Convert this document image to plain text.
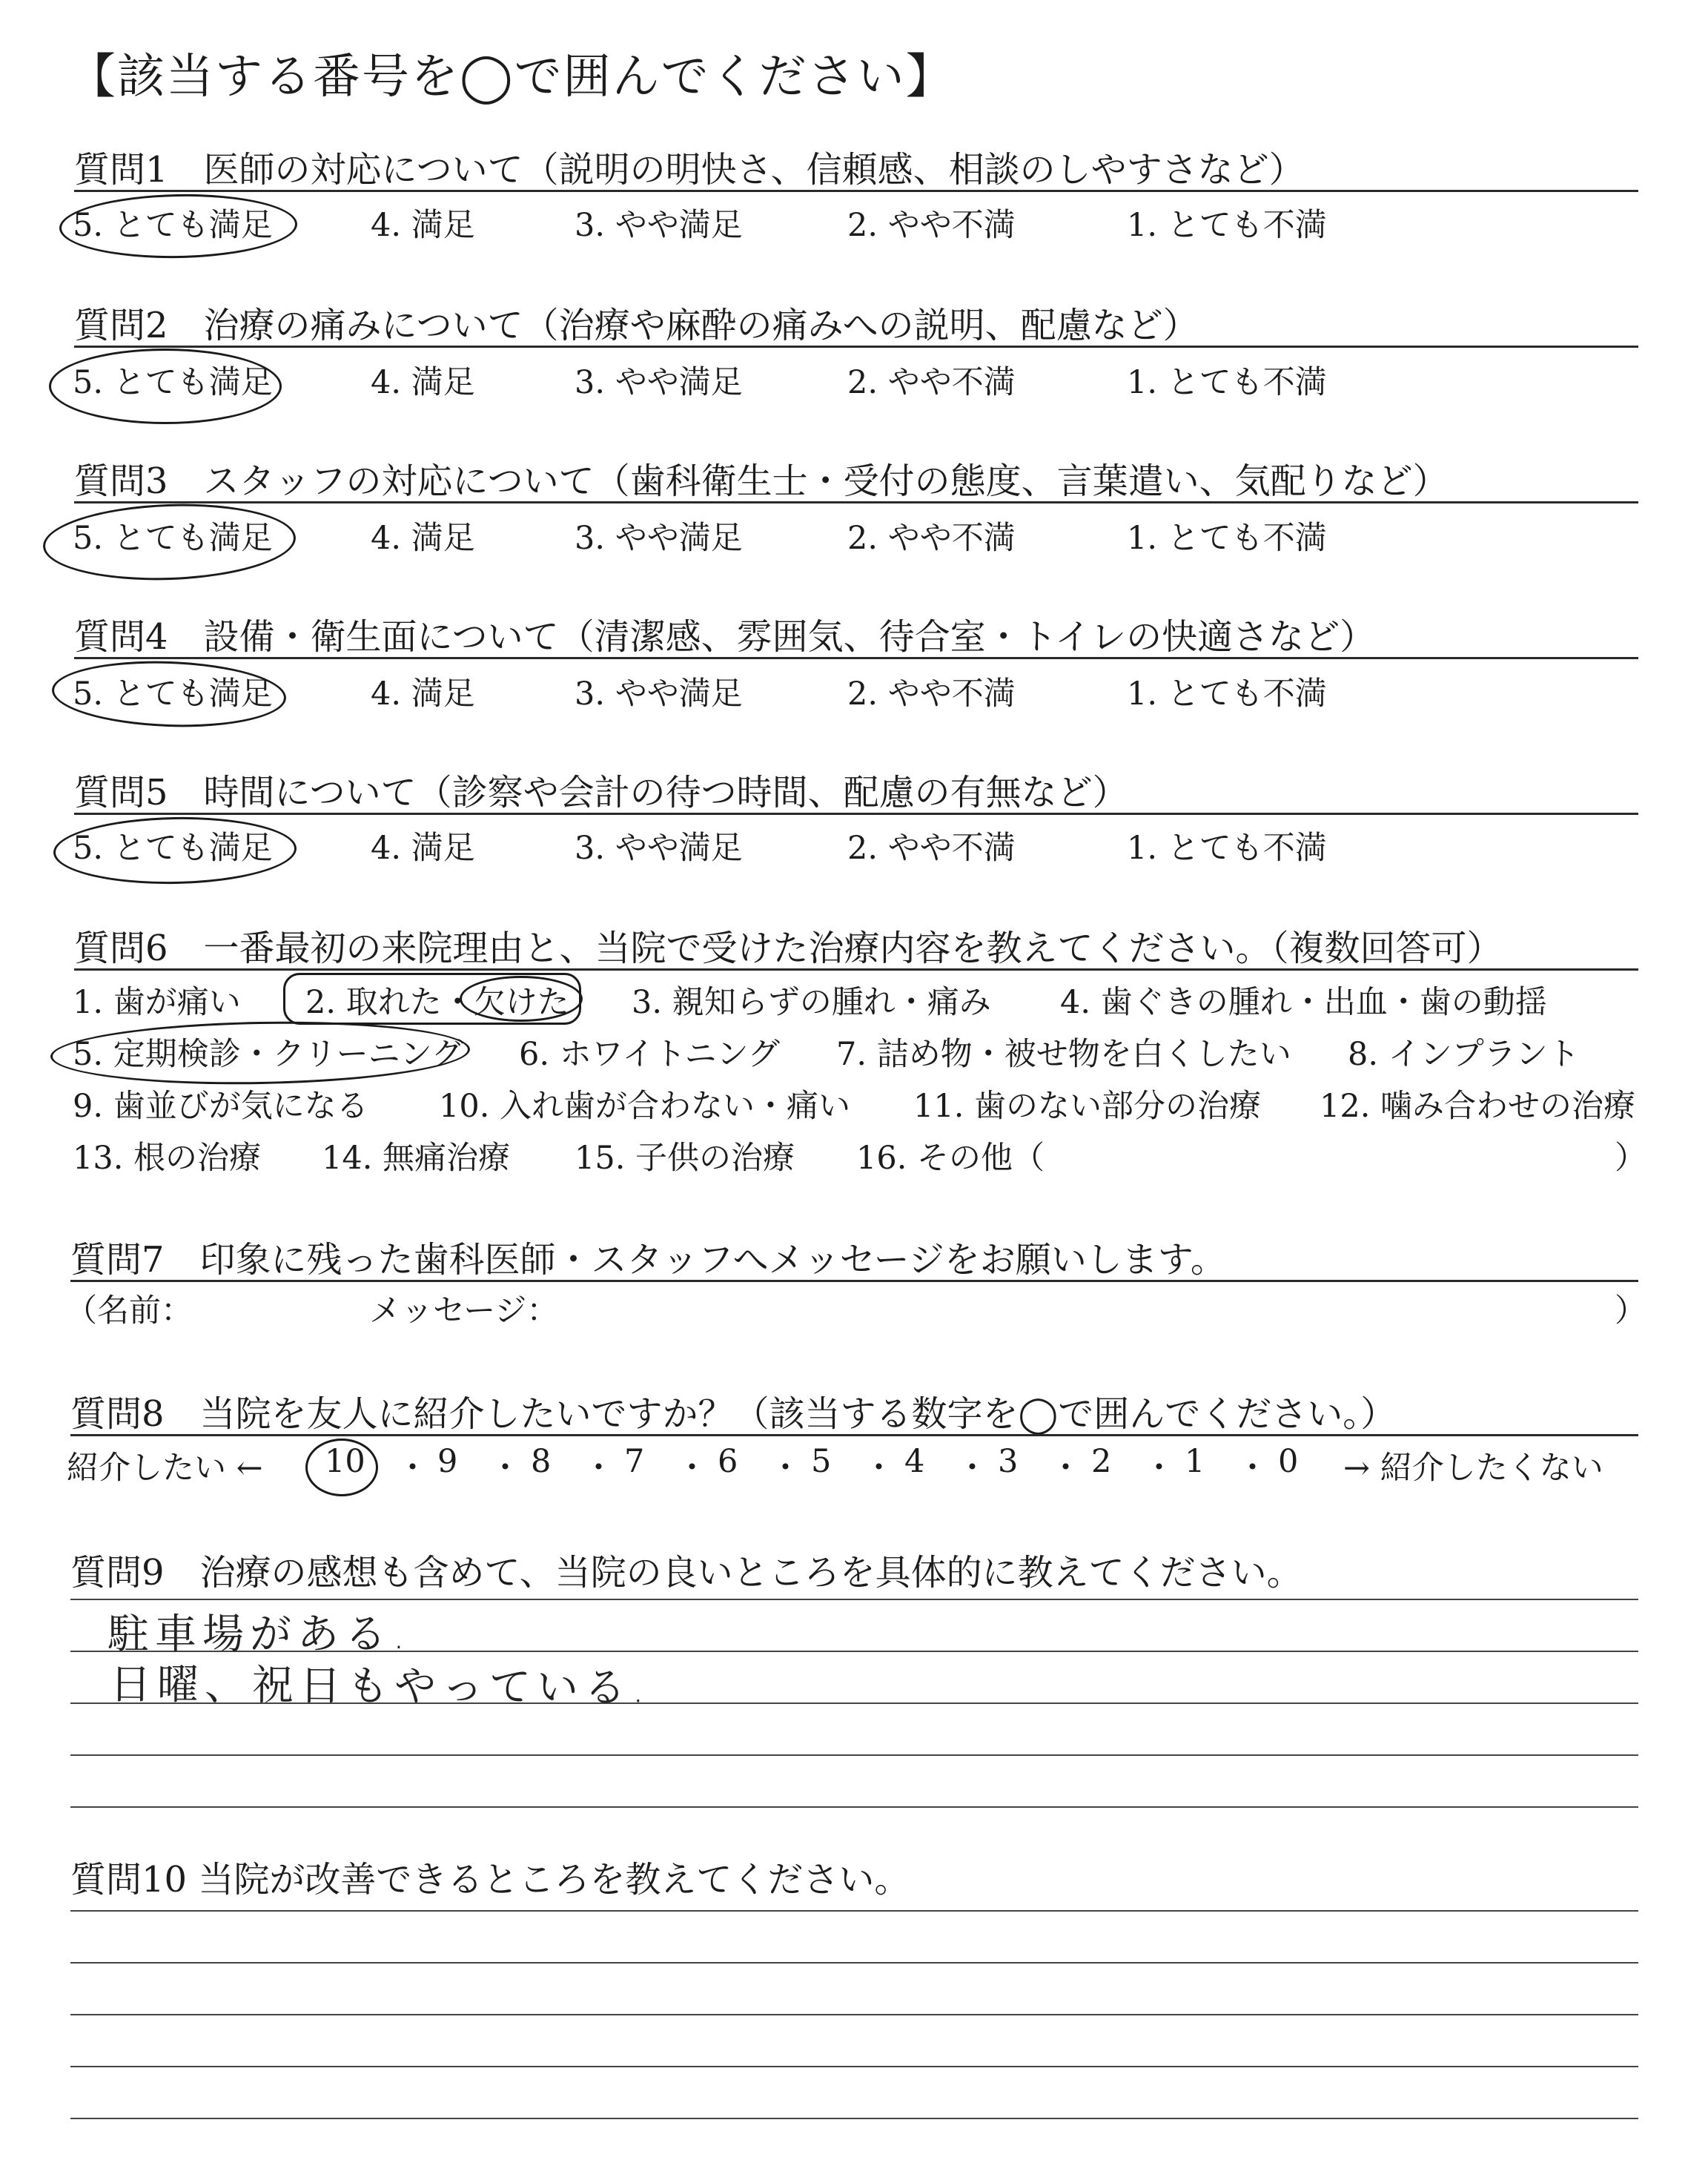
【該当する番号を◯で囲んでください】
質問1　医師の対応について（説明の明快さ、信頼感、相談のしやすさなど）
5. とても満足	4. 満足	3. やや満足	2. やや不満	1. とても不満
質問2　治療の痛みについて（治療や麻酔の痛みへの説明、配慮など）
5. とても満足	4. 満足	3. やや満足	2. やや不満	1. とても不満
質問3　スタッフの対応について（歯科衛生士・受付の態度、言葉遣い、気配りなど）
5. とても満足	4. 満足	3. やや満足	2. やや不満	1. とても不満
質問4　設備・衛生面について（清潔感、雰囲気、待合室・トイレの快適さなど）
5. とても満足	4. 満足	3. やや満足	2. やや不満	1. とても不満
質問5　時間について（診察や会計の待つ時間、配慮の有無など）
5. とても満足	4. 満足	3. やや満足	2. やや不満	1. とても不満
質問6　一番最初の来院理由と、当院で受けた治療内容を教えてください。（複数回答可）
1. 歯が痛い 2. 取れた・欠けた 3. 親知らずの腫れ・痛み 4. 歯ぐきの腫れ・出血・歯の動揺
5. 定期検診・クリーニング 6. ホワイトニング 7. 詰め物・被せ物を白くしたい 8. インプラント
9. 歯並びが気になる 10. 入れ歯が合わない・痛い 11. 歯のない部分の治療 12. 噛み合わせの治療
13. 根の治療 14. 無痛治療 15. 子供の治療 16. その他（	）
質問7　印象に残った歯科医師・スタッフへメッセージをお願いします。
（名前：	メッセージ：	）
質問8　当院を友人に紹介したいですか？（該当する数字を◯で囲んでください。）
紹介したい ← 10 ・ 9 ・ 8 ・ 7 ・ 6 ・ 5 ・ 4 ・ 3 ・ 2 ・ 1 ・ 0 → 紹介したくない
質問9　治療の感想も含めて、当院の良いところを具体的に教えてください。
駐車場がある.
日曜、祝日もやっている.
質問10 当院が改善できるところを教えてください。
